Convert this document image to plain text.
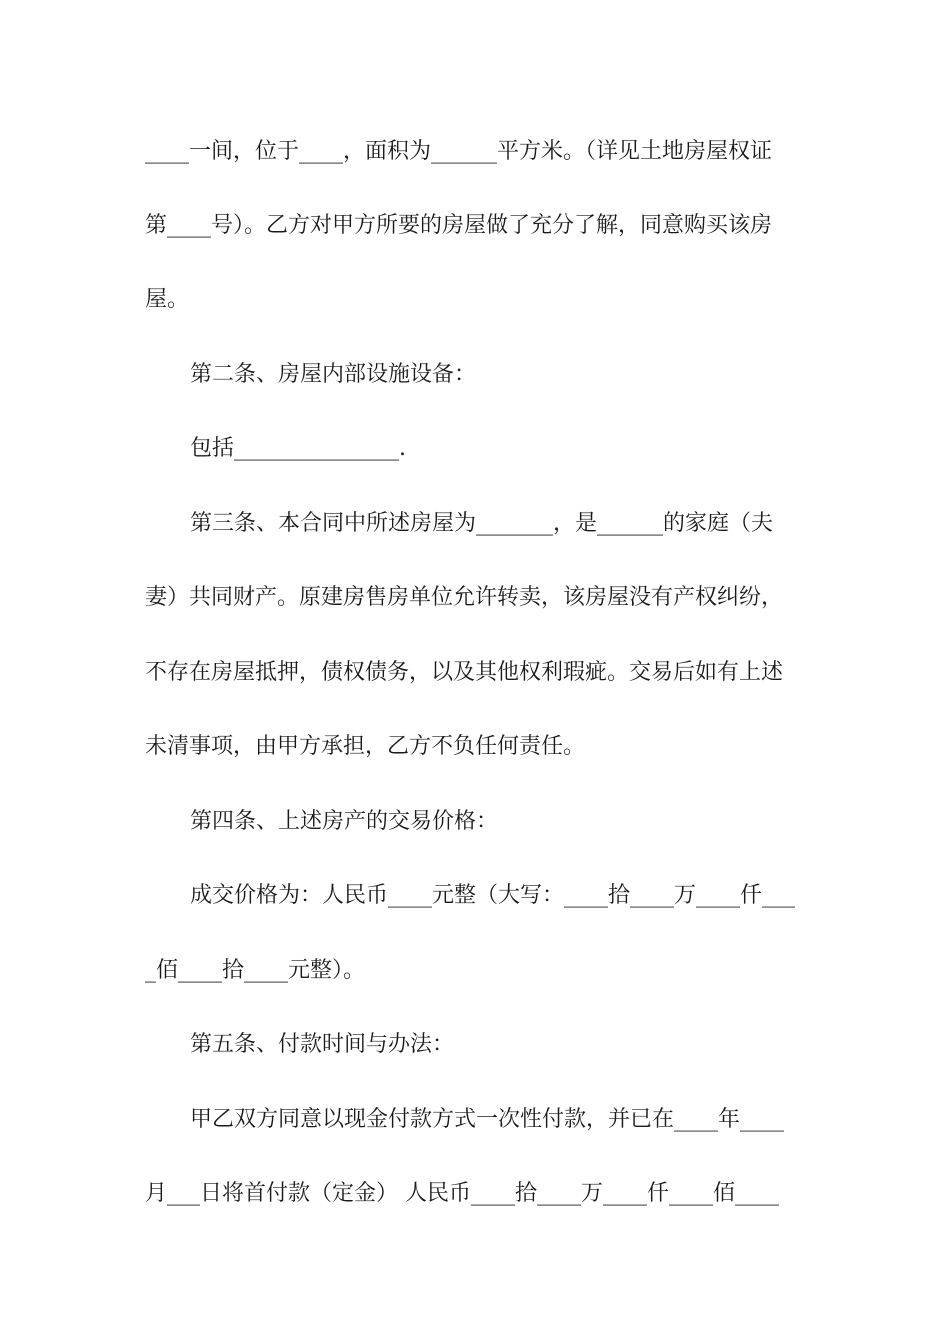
____一间，位于____，面积为______平方米。（详见土地房屋权证
第____号）。乙方对甲方所要的房屋做了充分了解，同意购买该房
屋。
第二条、房屋内部设施设备：
包括_______________.
第三条、本合同中所述房屋为_______，是______的家庭（夫
妻）共同财产。原建房售房单位允许转卖，该房屋没有产权纠纷，
不存在房屋抵押，债权债务，以及其他权利瑕疵。交易后如有上述
未清事项，由甲方承担，乙方不负任何责任。
第四条、上述房产的交易价格：
成交价格为：人民币____元整（大写：____拾____万____仟___
_佰____拾____元整）。
第五条、付款时间与办法：
甲乙双方同意以现金付款方式一次性付款，并已在____年____
月___日将首付款（定金） 人民币____拾____万____仟____佰____
